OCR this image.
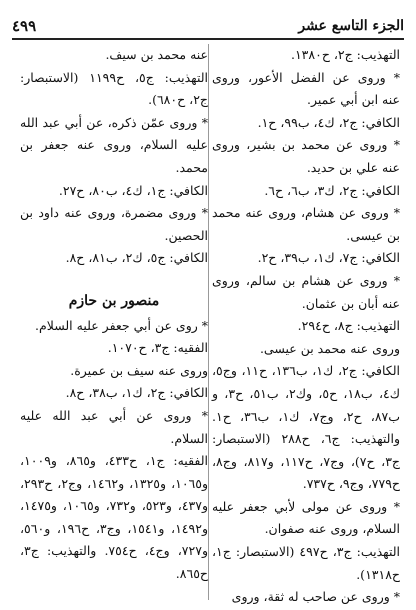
٤٩٩	الجزء التاسع عشر

التهذيب: ج٢، ح١٣٨٠.

* وروى عن الفضل الأعور، وروى عنه ابن أبي عمير.

الكافي: ج٢، ك٤، ب٩٩، ح١.

* وروى عن محمد بن بشير، وروى عنه علي بن حديد.

الكافي: ج٢، ك٣، ب٦، ح٦.

* وروى عن هشام، وروى عنه محمد بن عيسى.

الكافي: ج٧، ك١، ب٣٩، ح٢.

* وروى عن هشام بن سالم، وروى عنه أبان بن عثمان.

التهذيب: ج٨، ح٢٩٤.

وروى عنه محمد بن عيسى.

الكافي: ج٢، ك١، ب١٣٦، ح١١، وج٥، ك٤، ب١٨، ح٥، وك٢، ب٥١، ح٣، و ب٨٧، ح٢، وج٧، ك١، ب٣٦، ح١. والتهذيب: ج٦، ح٢٨٨ (الاستبصار: ج٣، ح٧)، وج٧، ح١١٧، و٨١٧، وج٨، ح٧٧٩، وج٩، ح٧٣٧.

* وروى عن مولى لأبي جعفر عليه السلام، وروى عنه صفوان.

التهذيب: ج٣، ح٤٩٧ (الاستبصار: ج١، ح١٣١٨).

* وروى عن صاحب له ثقة، وروى

عنه محمد بن سيف.

التهذيب: ج٥، ح١١٩٩ (الاستبصار: ج٢، ح٦٨٠).

* وروى عمّن ذكره، عن أبي عبد الله عليه السلام، وروى عنه جعفر بن محمد.

الكافي: ج١، ك٤، ب٨٠، ح٢٧.

* وروى مضمرة، وروى عنه داود بن الحصين.

الكافي: ج٥، ك٢، ب٨١، ح٨.

منصور بن حازم

* روى عن أبي جعفر عليه السلام.

الفقيه: ج٣، ح١٠٧٠.

وروى عنه سيف بن عميرة.

الكافي: ج٢، ك١، ب٣٨، ح٨.

* وروى عن أبي عبد الله عليه السلام.

الفقيه: ج١، ح٤٣٣، و٨٦٥، و١٠٠٩، و١٠٦٥، و١٣٢٥، و١٤٦٢، وج٢، ح٢٩٣، و٤٣٧، و٥٢٣، و٧٣٢، و١٠٦٥، و١٤٧٥، و١٤٩٢، و١٥٤١، وج٣، ح١٩٦، و٥٦٠، و٧٢٧، وج٤، ح٧٥٤. والتهذيب: ج٣، ح٨٦٥.
